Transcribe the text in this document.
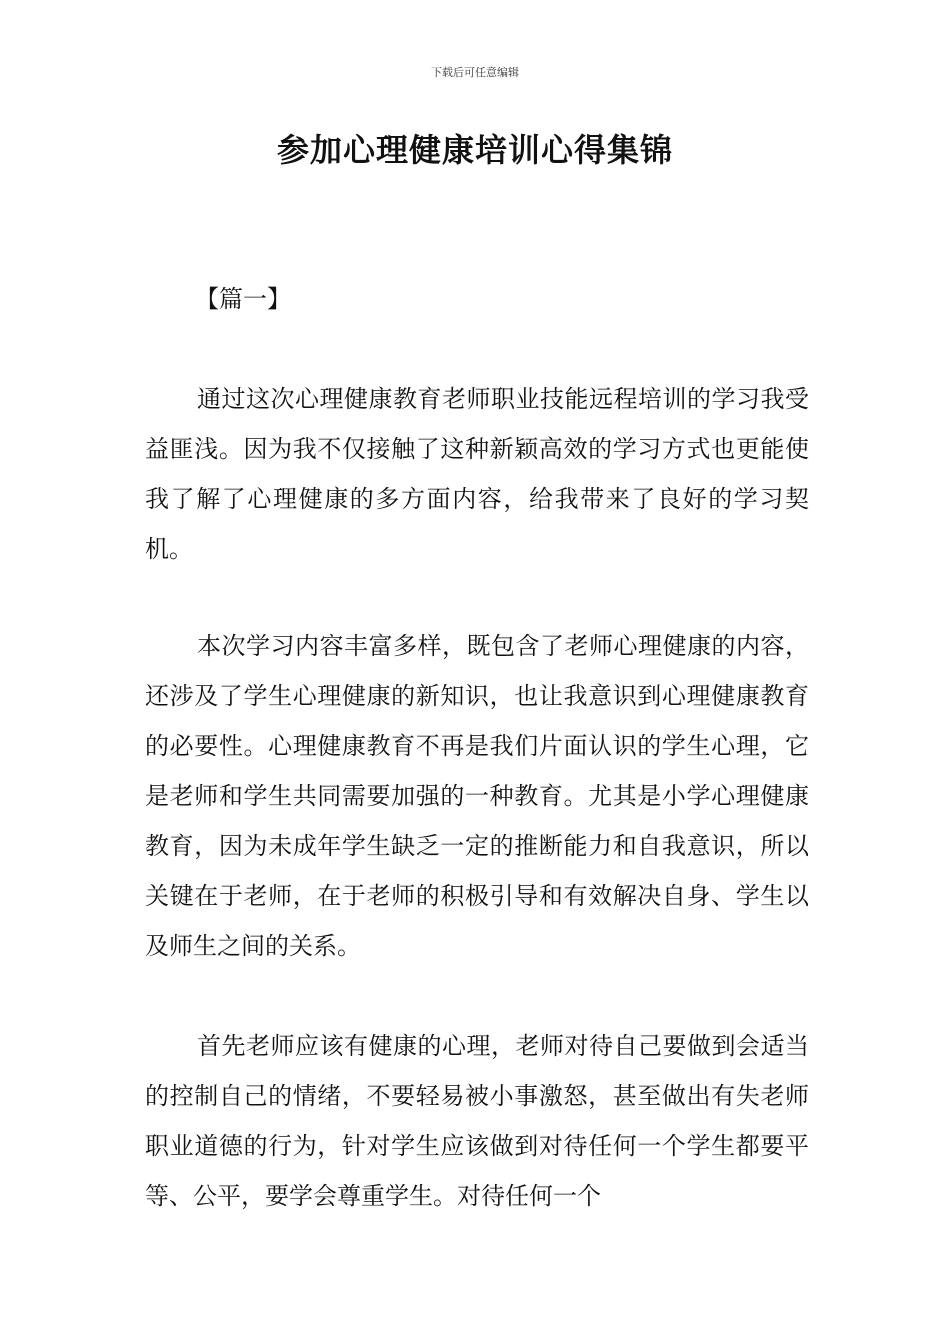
下载后可任意编辑
参加心理健康培训心得集锦
【篇一】

通过这次心理健康教育老师职业技能远程培训的学习我受益匪浅。因为我不仅接触了这种新颖高效的学习方式也更能使我了解了心理健康的多方面内容，给我带来了良好的学习契机。

本次学习内容丰富多样，既包含了老师心理健康的内容，还涉及了学生心理健康的新知识，也让我意识到心理健康教育的必要性。心理健康教育不再是我们片面认识的学生心理，它是老师和学生共同需要加强的一种教育。尤其是小学心理健康教育，因为未成年学生缺乏一定的推断能力和自我意识，所以关键在于老师，在于老师的积极引导和有效解决自身、学生以及师生之间的关系。

首先老师应该有健康的心理，老师对待自己要做到会适当的控制自己的情绪，不要轻易被小事激怒，甚至做出有失老师职业道德的行为，针对学生应该做到对待任何一个学生都要平等、公平，要学会尊重学生。对待任何一个
